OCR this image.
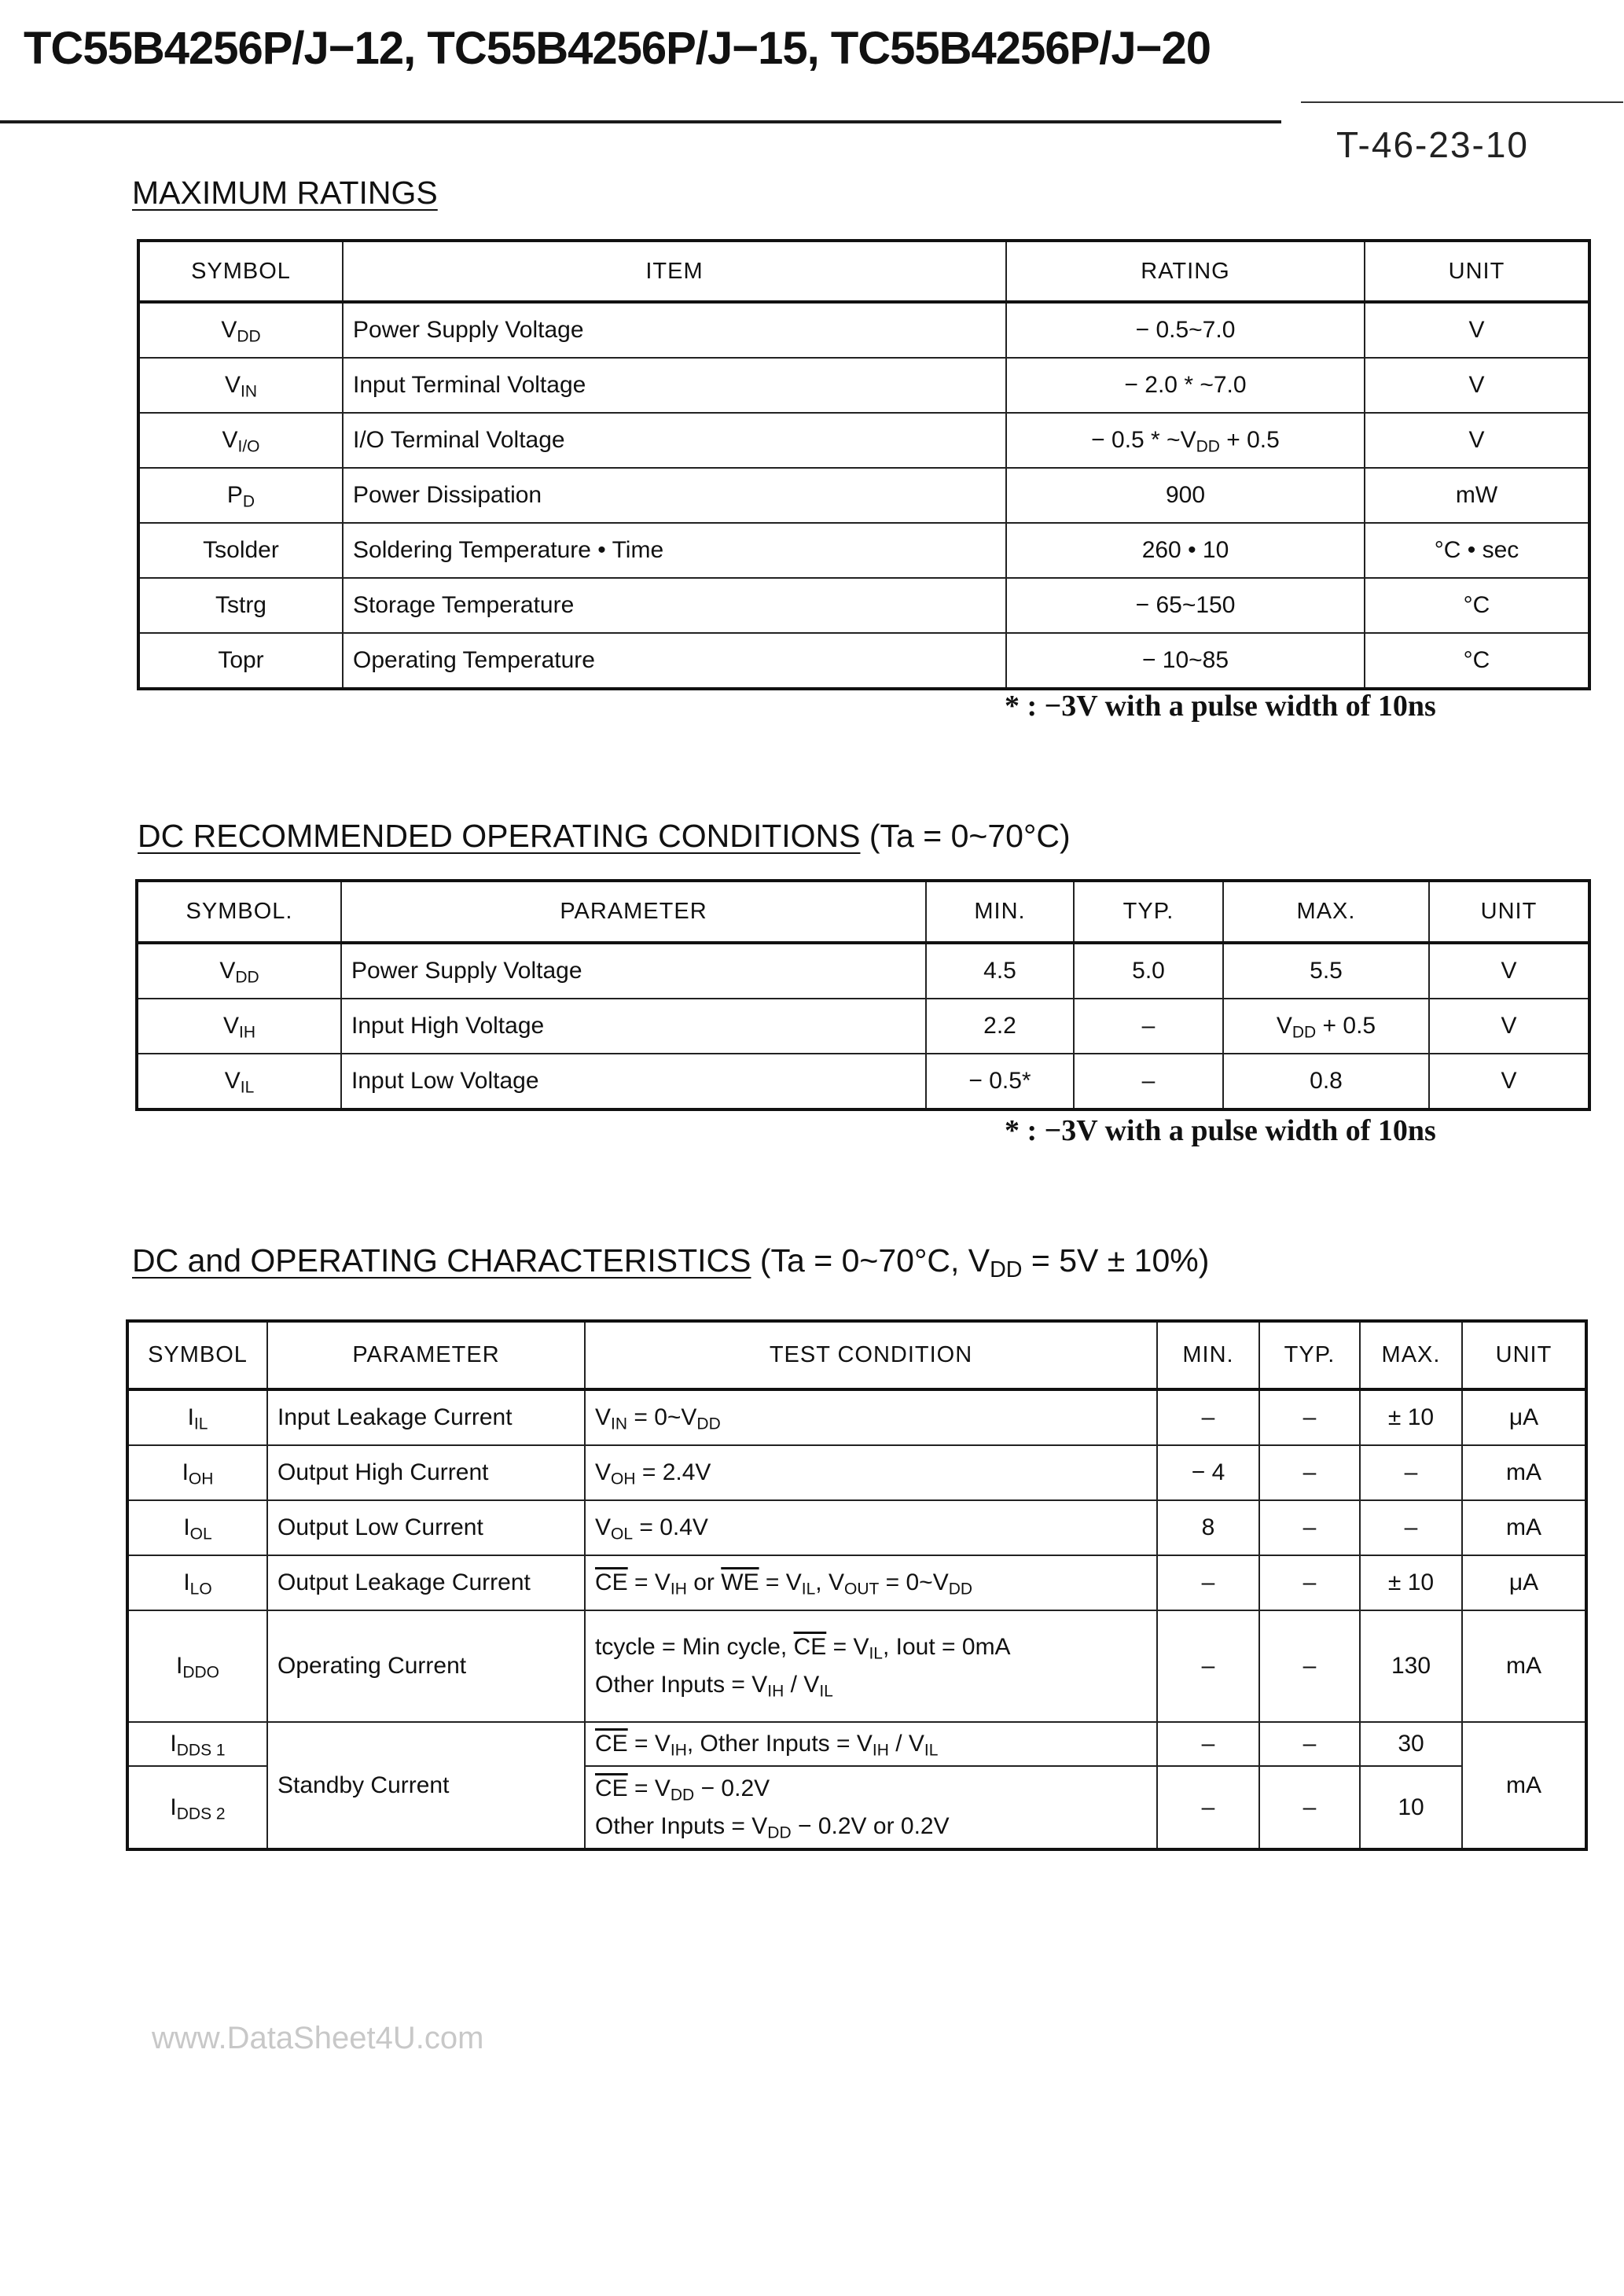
TC55B4256P/J−12, TC55B4256P/J−15, TC55B4256P/J−20
T-46-23-10
MAXIMUM RATINGS
SYMBOL	ITEM	RATING	UNIT
$V_{DD}$	Power Supply Voltage	− 0.5~7.0	V
$V_{IN}$	Input Terminal Voltage	− 2.0 * ~7.0	V
$V_{I/O}$	I/O Terminal Voltage	− $0.5 * \sim V_{DD} + 0.5$	V
$P_D$	Power Dissipation	900	mW
Tsolder	Soldering Temperature • Time	260 • 10	°C • sec
Tstrg	Storage Temperature	− 65~150	°C
Topr	Operating Temperature	− 10~85	°C
* : −3V with a pulse width of 10ns
DC RECOMMENDED OPERATING CONDITIONS (Ta = 0~70°C)
SYMBOL.	PARAMETER	MIN.	TYP.	MAX.	UNIT
$V_{DD}$	Power Supply Voltage	4.5	5.0	5.5	V
$V_{IH}$	Input High Voltage	2.2	–	$V_{DD} + 0.5$	V
$V_{IL}$	Input Low Voltage	− 0.5*	–	0.8	V
* : −3V with a pulse width of 10ns
DC and OPERATING CHARACTERISTICS (Ta = 0~70°C, $V_{DD} = 5V \pm 10\%$)
SYMBOL	PARAMETER	TEST CONDITION	MIN.	TYP.	MAX.	UNIT
$I_{IL}$	Input Leakage Current	$V_{IN}$ = $0\sim V_{DD}$	–	–	± 10	μA
$I_{OH}$	Output High Current	$V_{OH} = 2.4V$	− 4	–	–	mA
$I_{OL}$	Output Low Current	$V_{OL} = 0.4V$	8	–	–	mA
$I_{LO}$	Output Leakage Current	$\overline{CE} = V_{IH}$ or $\overline{WE} = V_{IL}$, $V_{OUT}$ = $0\sim V_{DD}$	–	–	± 10	μA
$I_{DDO}$	Operating Current	tcycle = Min cycle, $\overline{CE} = V_{IL}$, Iout = 0mA
Other Inputs = $V_{IH} / V_{IL}$	–	–	130	mA
$I_{DDS 1}$	Standby Current	$\overline{CE} = V_{IH}$, Other Inputs = $V_{IH} / V_{IL}$	–	–	30	mA
$I_{DDS 2}$		$\overline{CE} = V_{DD} - 0.2V$
Other Inputs = $V_{DD} - 0.2V$ or 0.2V	–	–	10	
www.DataSheet4U.com
